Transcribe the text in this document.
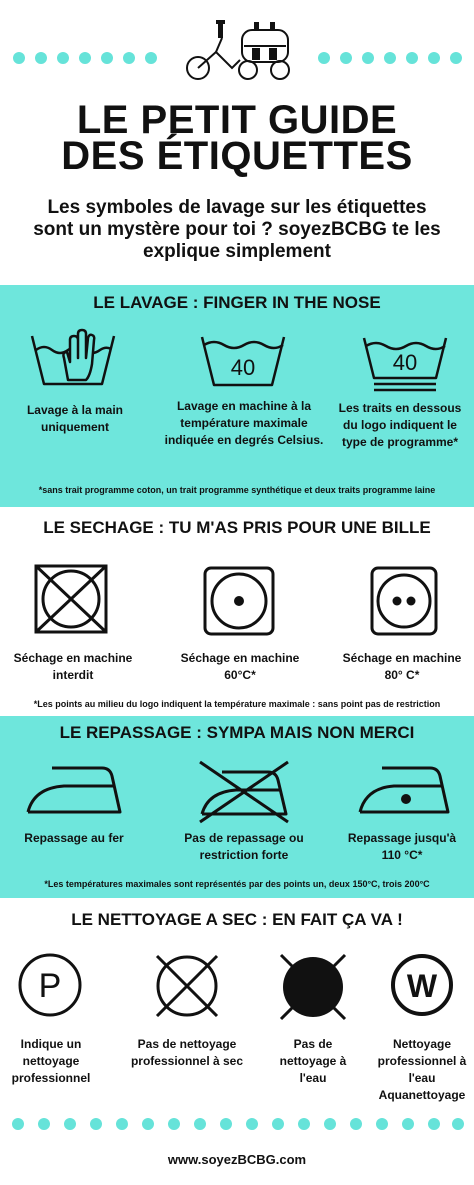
LE PETIT GUIDE
DES ÉTIQUETTES
Les symboles de lavage sur les étiquettes
sont un mystère pour toi ? soyezBCBG te les
explique simplement
LE LAVAGE : FINGER IN THE NOSE
Lavage à la main
uniquement
40
Lavage en machine à la
température maximale
indiquée en degrés Celsius.
40
Les traits en dessous
du logo indiquent le
type de programme*
*sans trait programme coton, un trait programme synthétique et deux traits programme laine
LE SECHAGE : TU M'AS PRIS POUR UNE BILLE
Séchage en machine
interdit
Séchage en machine
60°C*
Séchage en machine
80° C*
*Les points au milieu du logo indiquent la température maximale : sans point pas de restriction
LE REPASSAGE : SYMPA MAIS NON MERCI
Repassage au fer	Pas de repassage ou
restriction forte
Repassage jusqu'à
110 °C*
*Les températures maximales sont représentés par des points un, deux 150°C, trois 200°C
LE NETTOYAGE A SEC : EN FAIT ÇA VA !
P
Indique un
nettoyage
professionnel
Pas de nettoyage
professionnel à sec
Pas de
nettoyage à
l'eau
W
Nettoyage
professionnel à
l'eau
Aquanettoyage
www.soyezBCBG.com
